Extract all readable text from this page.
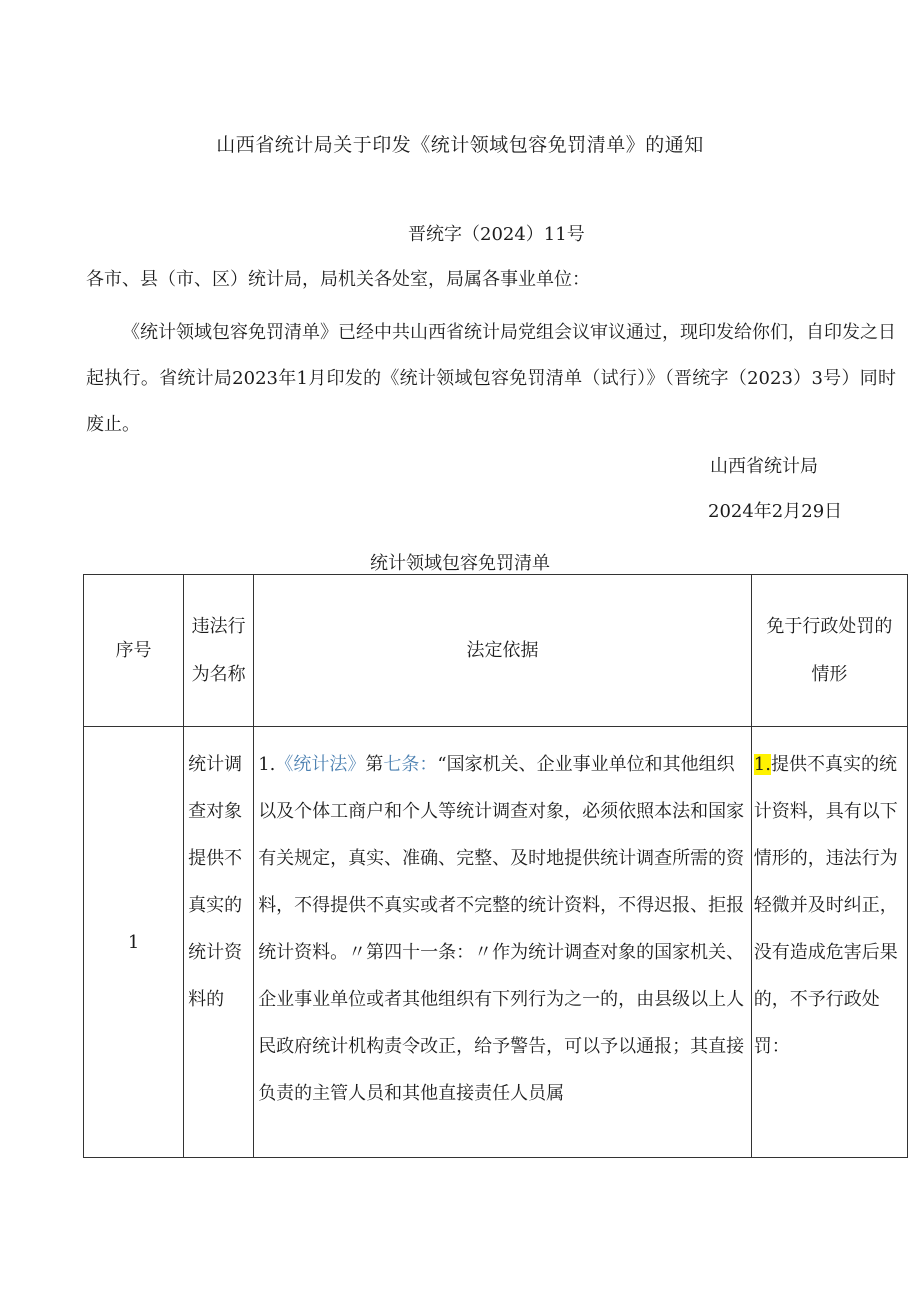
山西省统计局关于印发《统计领域包容免罚清单》的通知
晋统字（2024）11号
各市、县（市、区）统计局，局机关各处室，局属各事业单位：
《统计领域包容免罚清单》已经中共山西省统计局党组会议审议通过，现印发给你们，自印发之日起执行。省统计局2023年1月印发的《统计领域包容免罚清单（试行）》（晋统字（2023）3号）同时废止。
山西省统计局
2024年2月29日
统计领域包容免罚清单
序号	违法行为名称	法定依据	免于行政处罚的情形
1	统计调查对象提供不真实的统计资料的	1.《统计法》第七条：“国家机关、企业事业单位和其他组织以及个体工商户和个人等统计调查对象，必须依照本法和国家有关规定，真实、准确、完整、及时地提供统计调查所需的资料，不得提供不真实或者不完整的统计资料，不得迟报、拒报统计资料。〃第四十一条：〃作为统计调查对象的国家机关、企业事业单位或者其他组织有下列行为之一的，由县级以上人民政府统计机构责令改正，给予警告，可以予以通报；其直接负责的主管人员和其他直接责任人员属	1.提供不真实的统计资料，具有以下情形的，违法行为轻微并及时纠正，没有造成危害后果的，不予行政处罚：
